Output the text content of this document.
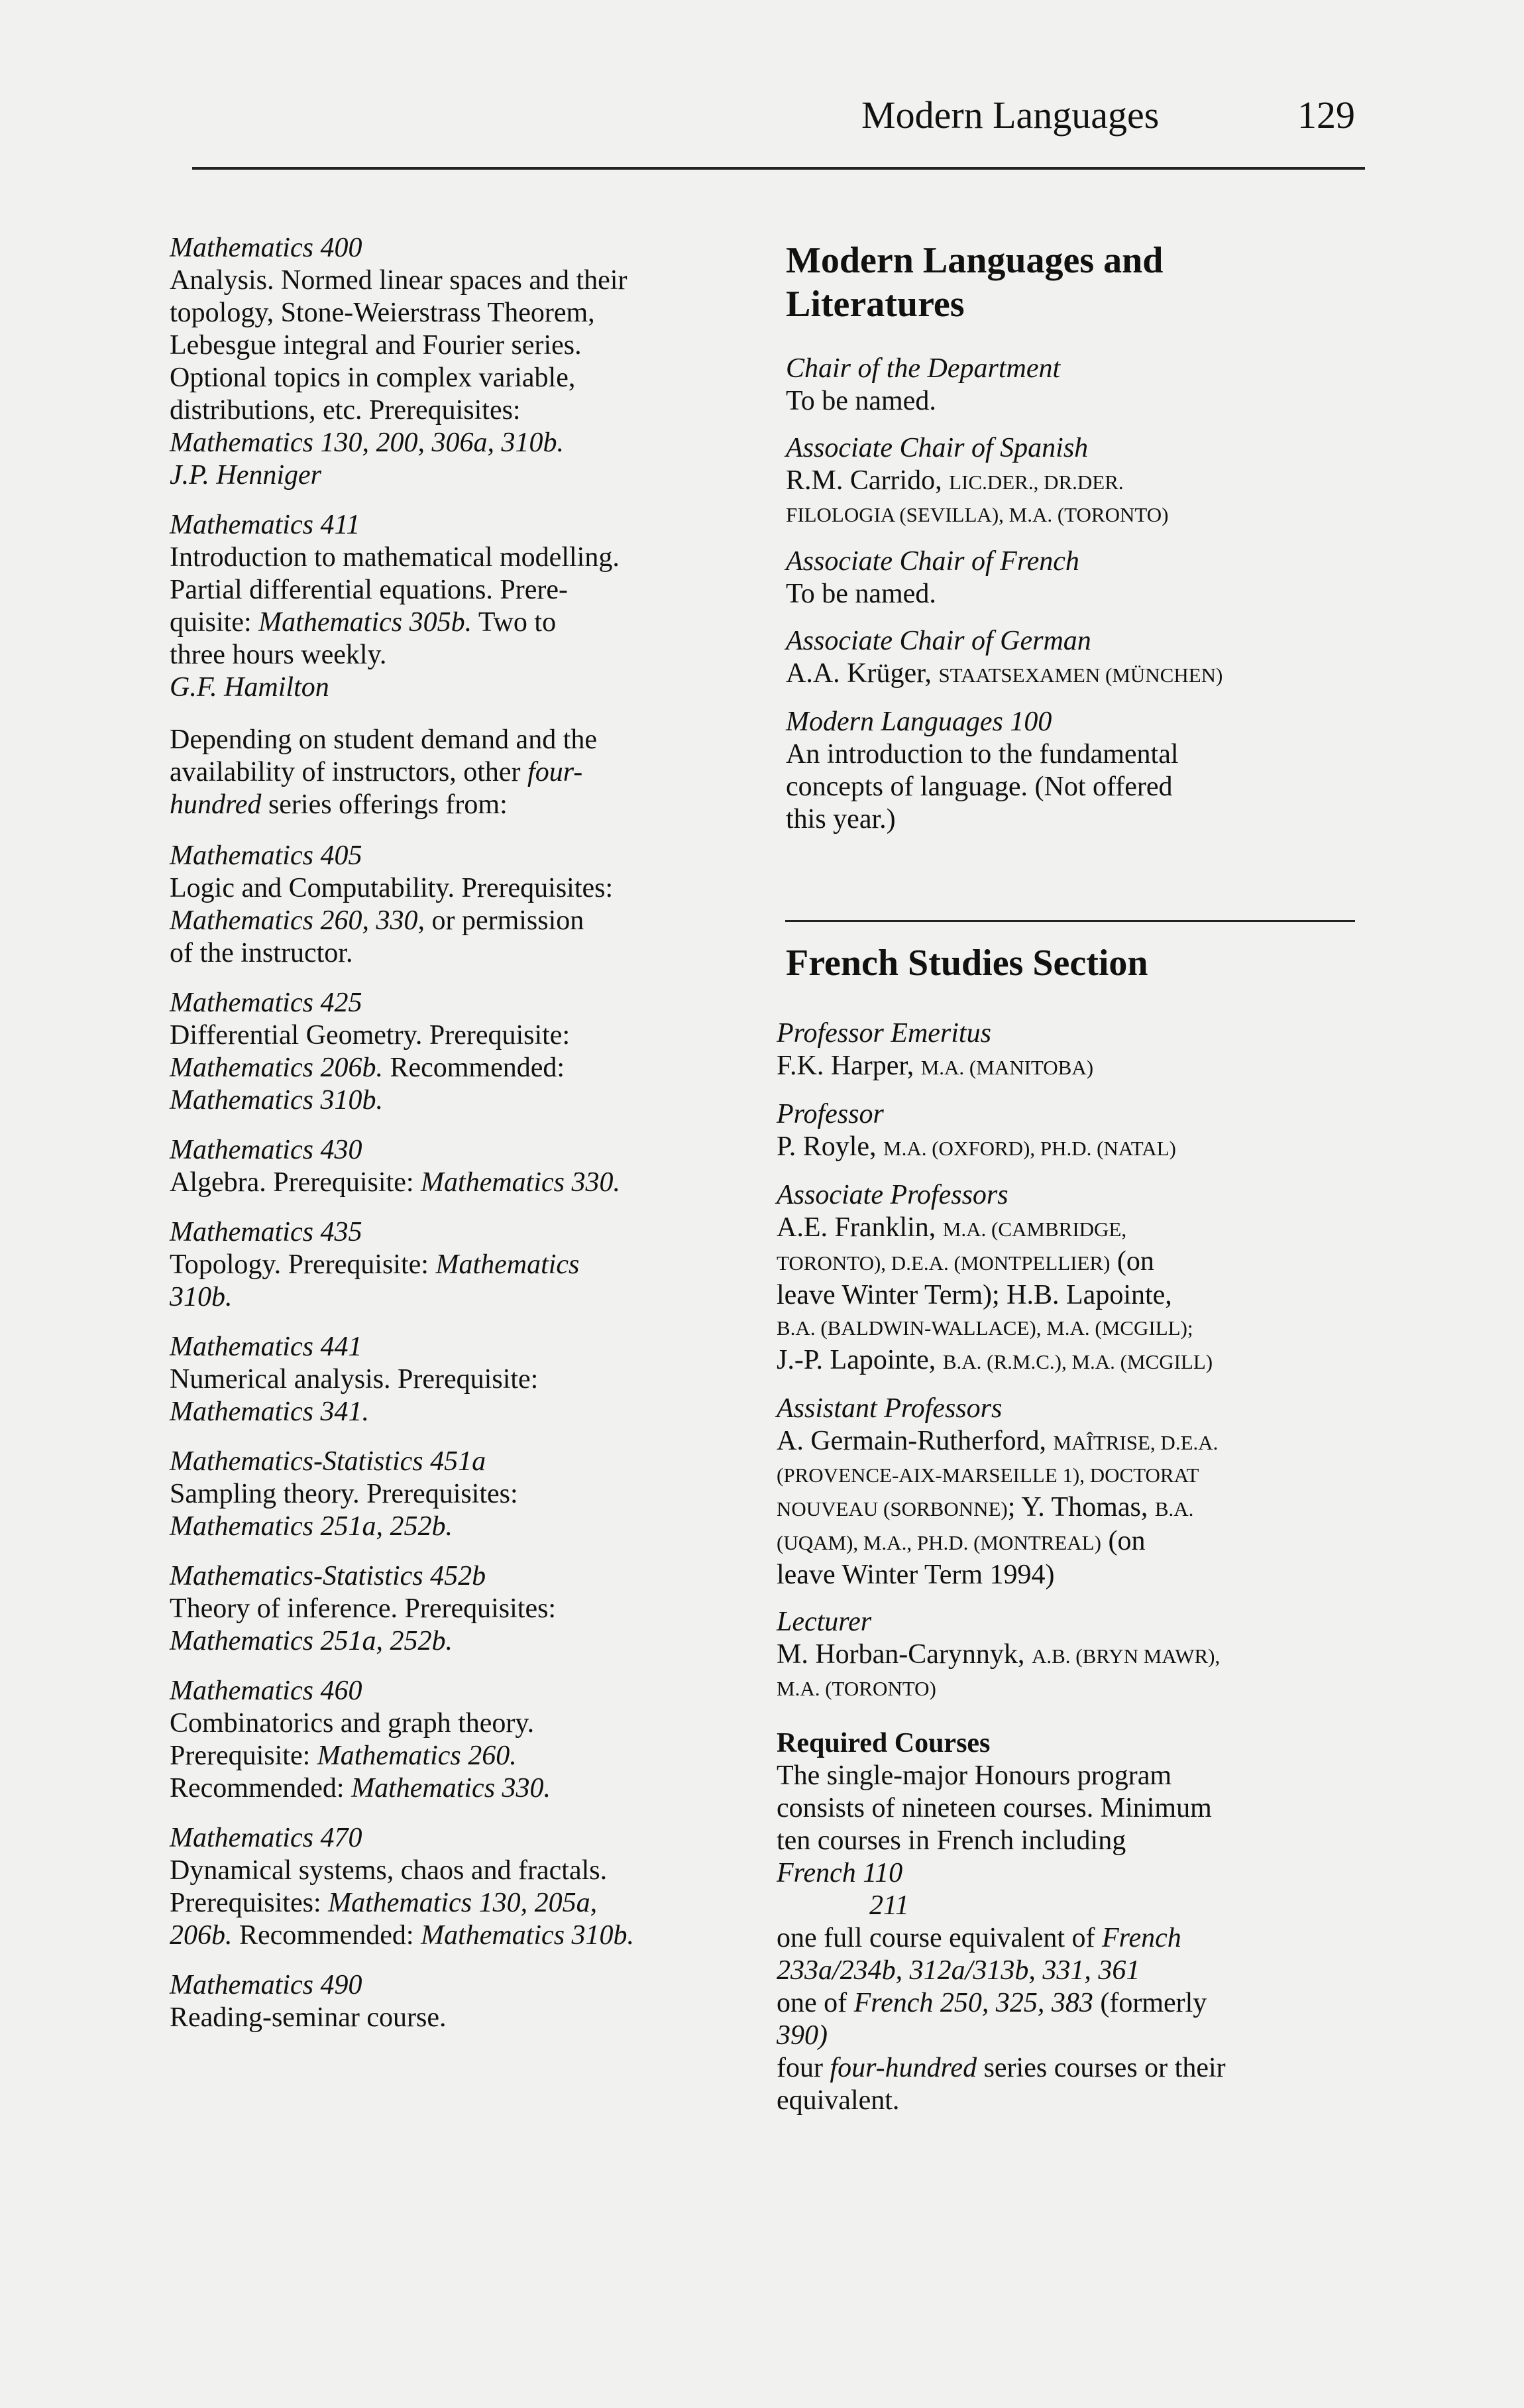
Modern Languages	129
Mathematics 400
Analysis. Normed linear spaces and their
topology, Stone-Weierstrass Theorem,
Lebesgue integral and Fourier series.
Optional topics in complex variable,
distributions, etc. Prerequisites:
Mathematics 130, 200, 306a, 310b.
J.P. Henniger
Mathematics 411
Introduction to mathematical modelling.
Partial differential equations. Prere-
quisite: Mathematics 305b. Two to
three hours weekly.
G.F. Hamilton
Depending on student demand and the
availability of instructors, other four-
hundred series offerings from:
Mathematics 405
Logic and Computability. Prerequisites:
Mathematics 260, 330, or permission
of the instructor.
Mathematics 425
Differential Geometry. Prerequisite:
Mathematics 206b. Recommended:
Mathematics 310b.
Mathematics 430
Algebra. Prerequisite: Mathematics 330.
Mathematics 435
Topology. Prerequisite: Mathematics
310b.
Mathematics 441
Numerical analysis. Prerequisite:
Mathematics 341.
Mathematics-Statistics 451a
Sampling theory. Prerequisites:
Mathematics 251a, 252b.
Mathematics-Statistics 452b
Theory of inference. Prerequisites:
Mathematics 251a, 252b.
Mathematics 460
Combinatorics and graph theory.
Prerequisite: Mathematics 260.
Recommended: Mathematics 330.
Mathematics 470
Dynamical systems, chaos and fractals.
Prerequisites: Mathematics 130, 205a,
206b. Recommended: Mathematics 310b.
Mathematics 490
Reading-seminar course.
Modern Languages and
Literatures
Chair of the Department
To be named.
Associate Chair of Spanish
R.M. Carrido, LIC.DER., DR.DER.
FILOLOGIA (SEVILLA), M.A. (TORONTO)
Associate Chair of French
To be named.
Associate Chair of German
A.A. Krüger, STAATSEXAMEN (MÜNCHEN)
Modern Languages 100
An introduction to the fundamental
concepts of language. (Not offered
this year.)
French Studies Section
Professor Emeritus
F.K. Harper, M.A. (MANITOBA)
Professor
P. Royle, M.A. (OXFORD), PH.D. (NATAL)
Associate Professors
A.E. Franklin, M.A. (CAMBRIDGE,
TORONTO), D.E.A. (MONTPELLIER) (on
leave Winter Term); H.B. Lapointe,
B.A. (BALDWIN-WALLACE), M.A. (MCGILL);
J.-P. Lapointe, B.A. (R.M.C.), M.A. (MCGILL)
Assistant Professors
A. Germain-Rutherford, MAÎTRISE, D.E.A.
(PROVENCE-AIX-MARSEILLE 1), DOCTORAT
NOUVEAU (SORBONNE); Y. Thomas, B.A.
(UQAM), M.A., PH.D. (MONTREAL) (on
leave Winter Term 1994)
Lecturer
M. Horban-Carynnyk, A.B. (BRYN MAWR),
M.A. (TORONTO)
Required Courses
The single-major Honours program
consists of nineteen courses. Minimum
ten courses in French including
French 110
211
one full course equivalent of French
233a/234b, 312a/313b, 331, 361
one of French 250, 325, 383 (formerly
390)
four four-hundred series courses or their
equivalent.
